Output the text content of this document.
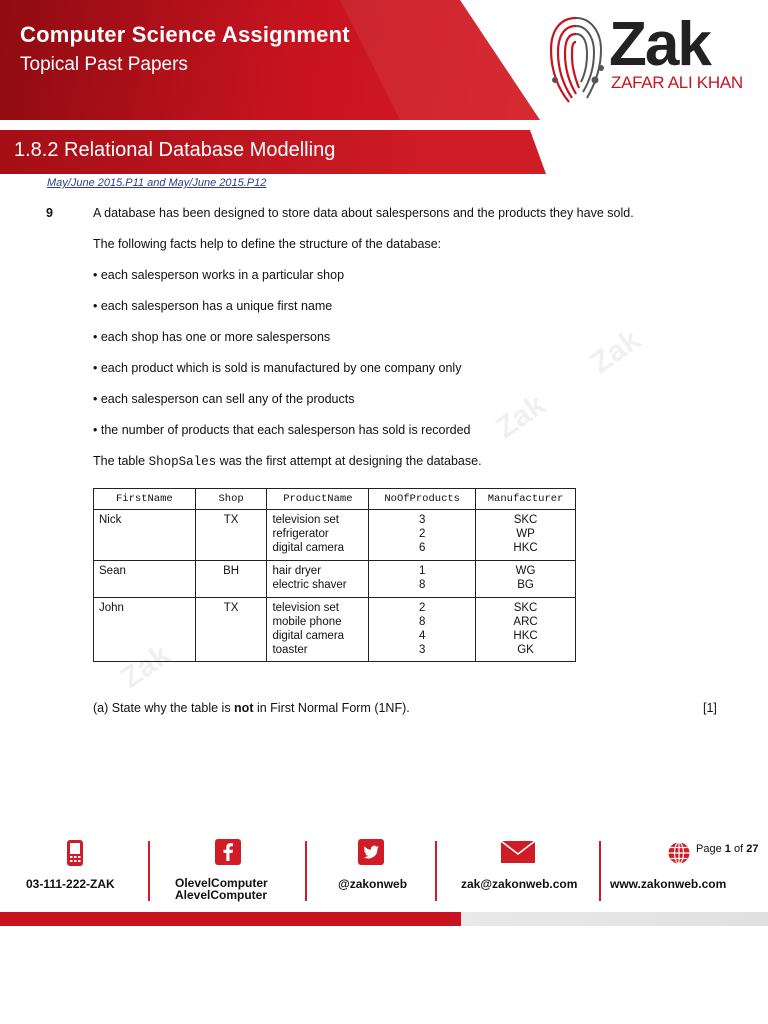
Computer Science Assignment
Topical Past Papers	Zak
ZAFAR ALI KHAN
1.8.2 Relational Database Modelling
May/June 2015.P11 and May/June 2015.P12
Zak
Zak
Zak
9	A database has been designed to store data about salespersons and the products they have sold.
The following facts help to define the structure of the database:
• each salesperson works in a particular shop
• each salesperson has a unique first name
• each shop has one or more salespersons
• each product which is sold is manufactured by one company only
• each salesperson can sell any of the products
• the number of products that each salesperson has sold is recorded
The table ShopSales was the first attempt at designing the database.
FirstName	Shop	ProductName	NoOfProducts	Manufacturer
Nick	TX	television set
refrigerator
digital camera	3
2
6	SKC
WP
HKC

Sean	BH	hair dryer
electric shaver	1
8	WG
BG

John	TX	television set
mobile phone
digital camera
toaster	2
8
4
3	SKC
ARC
HKC
GK
(a) State why the table is not in First Normal Form (1NF).	[1]
03-111-222-ZAK	OlevelComputer
AlevelComputer
@zakonweb	zak@zakonweb.com
Page 1 of 27
www.zakonweb.com
